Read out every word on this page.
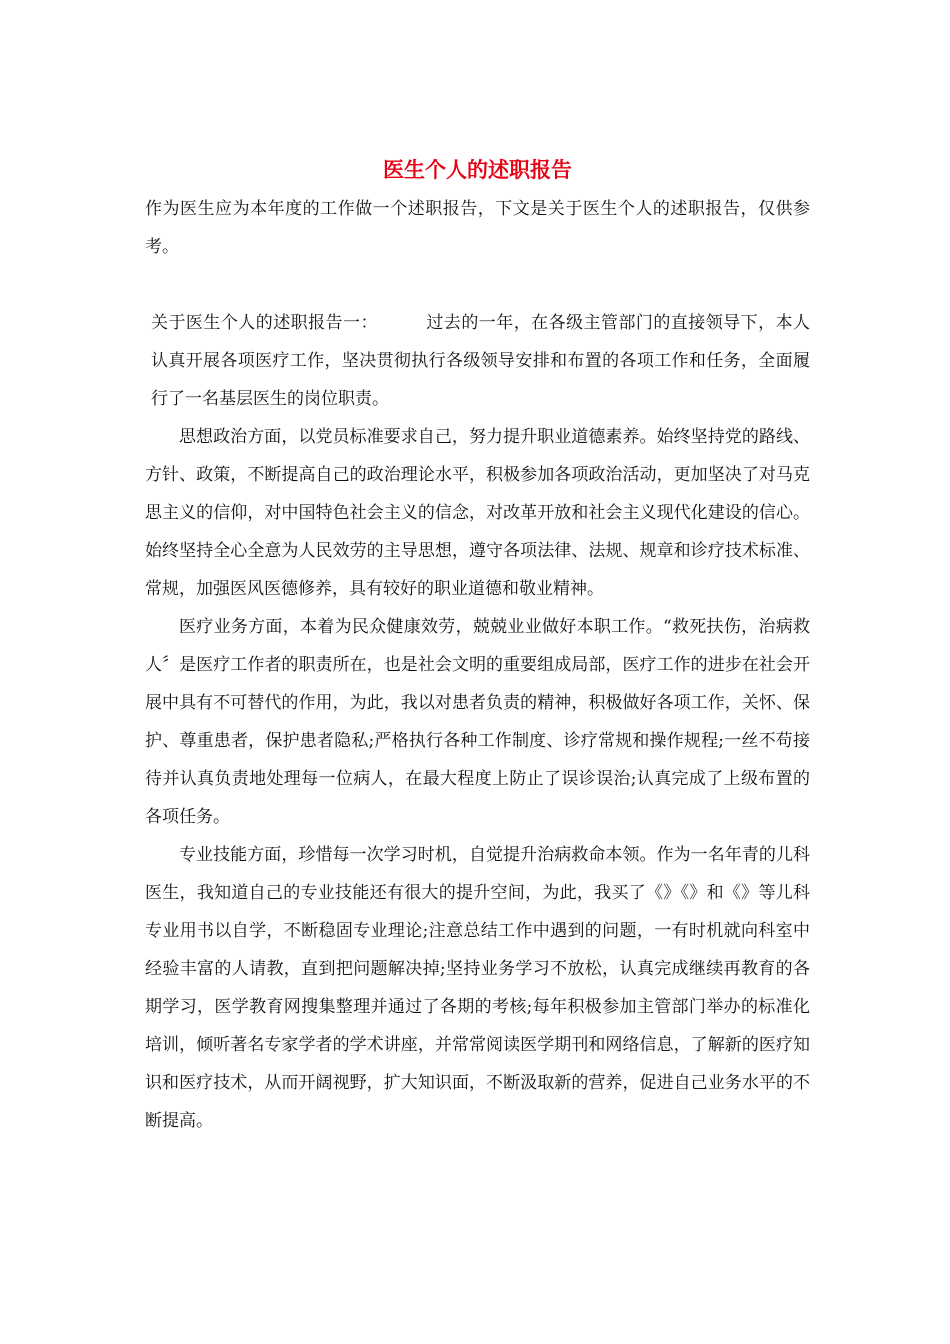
医生个人的述职报告

作为医生应为本年度的工作做一个述职报告，下文是关于医生个人的述职报告，仅供参考。

关于医生个人的述职报告一：	过去的一年，在各级主管部门的直接领导下，本人认真开展各项医疗工作，坚决贯彻执行各级领导安排和布置的各项工作和任务，全面履行了一名基层医生的岗位职责。

思想政治方面，以党员标准要求自己，努力提升职业道德素养。始终坚持党的路线、方针、政策，不断提高自己的政治理论水平，积极参加各项政治活动，更加坚决了对马克思主义的信仰，对中国特色社会主义的信念，对改革开放和社会主义现代化建设的信心。始终坚持全心全意为人民效劳的主导思想，遵守各项法律、法规、规章和诊疗技术标准、常规，加强医风医德修养，具有较好的职业道德和敬业精神。

医疗业务方面，本着为民众健康效劳，兢兢业业做好本职工作。“救死扶伤，治病救人〞是医疗工作者的职责所在，也是社会文明的重要组成局部，医疗工作的进步在社会开展中具有不可替代的作用，为此，我以对患者负责的精神，积极做好各项工作，关怀、保护、尊重患者，保护患者隐私;严格执行各种工作制度、诊疗常规和操作规程;一丝不苟接待并认真负责地处理每一位病人，在最大程度上防止了误诊误治;认真完成了上级布置的各项任务。

专业技能方面，珍惜每一次学习时机，自觉提升治病救命本领。作为一名年青的儿科医生，我知道自己的专业技能还有很大的提升空间，为此，我买了《》《》和《》等儿科专业用书以自学，不断稳固专业理论;注意总结工作中遇到的问题，一有时机就向科室中经验丰富的人请教，直到把问题解决掉;坚持业务学习不放松，认真完成继续再教育的各期学习，医学教育网搜集整理并通过了各期的考核;每年积极参加主管部门举办的标准化培训，倾听著名专家学者的学术讲座，并常常阅读医学期刊和网络信息，了解新的医疗知识和医疗技术，从而开阔视野，扩大知识面，不断汲取新的营养，促进自己业务水平的不断提高。
